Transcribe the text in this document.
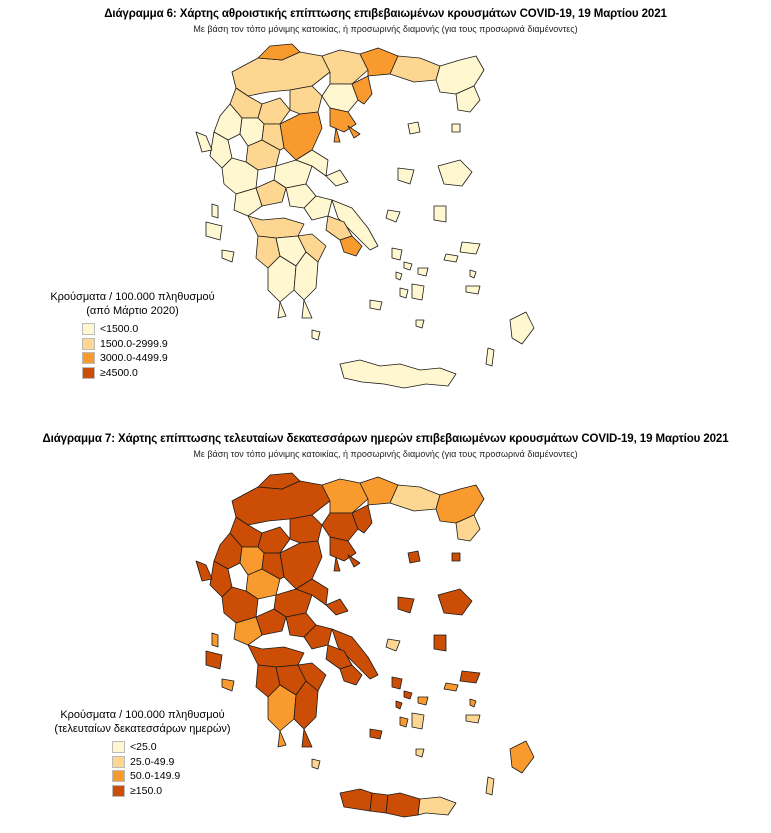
Διάγραμμα 6: Χάρτης αθροιστικής επίπτωσης επιβεβαιωμένων κρουσμάτων COVID-19, 19 Μαρτίου 2021
Με βάση τον τόπο μόνιμης κατοικίας, ή προσωρινής διαμονής (για τους προσωρινά διαμένοντες)
Κρούσματα / 100.000 πληθυσμού
(από Μάρτιο 2020)
<1500.0
1500.0-2999.9
3000.0-4499.9
≥4500.0
Διάγραμμα 7: Χάρτης επίπτωσης τελευταίων δεκατεσσάρων ημερών επιβεβαιωμένων κρουσμάτων COVID-19, 19 Μαρτίου 2021
Με βάση τον τόπο μόνιμης κατοικίας, ή προσωρινής διαμονής (για τους προσωρινά διαμένοντες)
Κρούσματα / 100.000 πληθυσμού
(τελευταίων δεκατεσσάρων ημερών)
<25.0
25.0-49.9
50.0-149.9
≥150.0
